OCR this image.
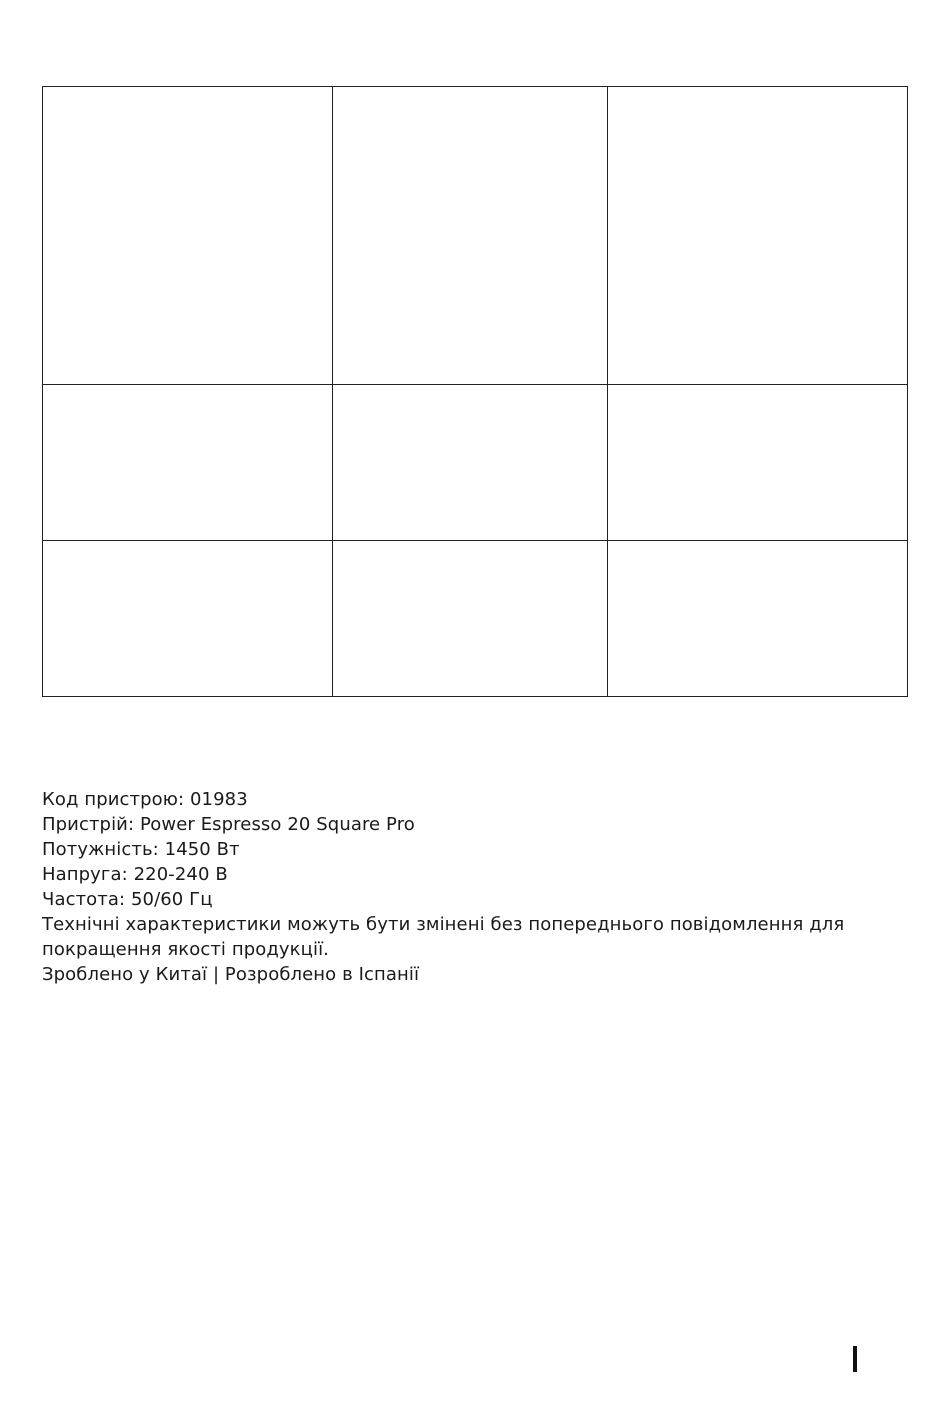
Код пристрою: 01983
Пристрій: Power Espresso 20 Square Pro
Потужність: 1450 Вт
Напруга: 220-240 В
Частота: 50/60 Гц
Технічні характеристики можуть бути змінені без попереднього повідомлення для покращення якості продукції.
Зроблено у Китаї | Розроблено в Іспанії
